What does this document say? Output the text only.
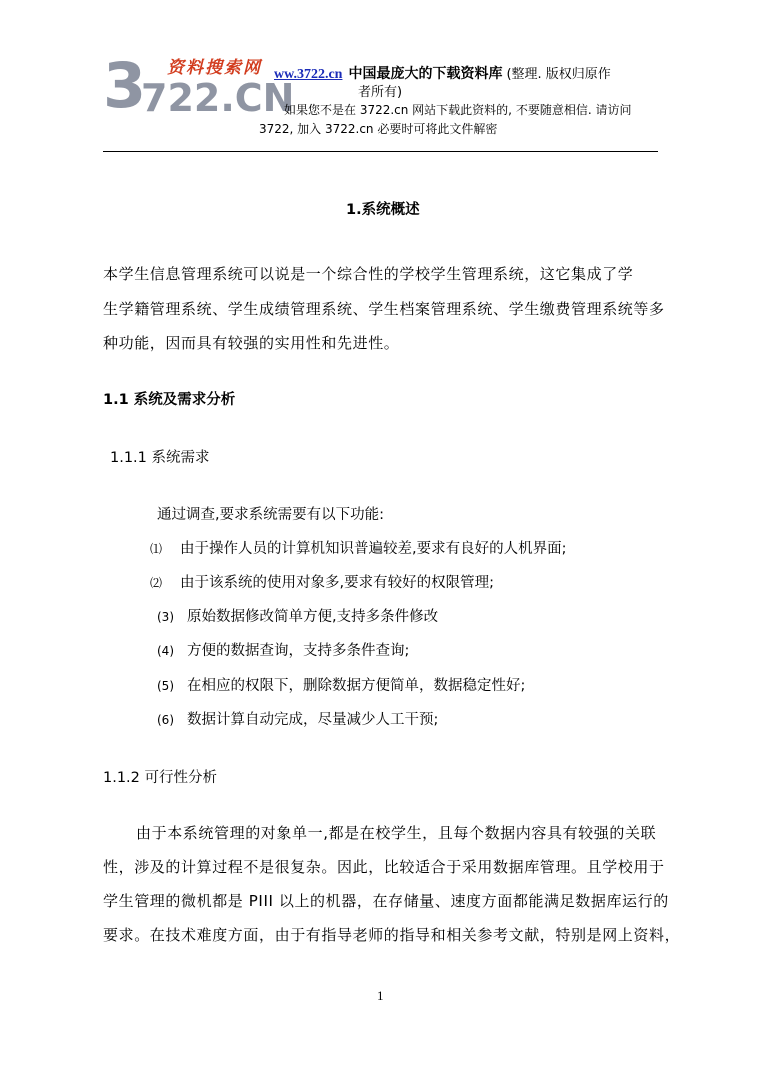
资料搜索网
3
722.CN
ww.3722.cn 中国最庞大的下载资料库 (整理. 版权归原作
者所有)
如果您不是在 3722.cn 网站下载此资料的, 不要随意相信. 请访问
3722, 加入 3722.cn 必要时可将此文件解密
1.系统概述
本学生信息管理系统可以说是一个综合性的学校学生管理系统，这它集成了学
生学籍管理系统、学生成绩管理系统、学生档案管理系统、学生缴费管理系统等多
种功能，因而具有较强的实用性和先进性。
1.1 系统及需求分析
1.1.1 系统需求
通过调查,要求系统需要有以下功能:
⑴ 由于操作人员的计算机知识普遍较差,要求有良好的人机界面;
⑵ 由于该系统的使用对象多,要求有较好的权限管理;
(3) 原始数据修改简单方便,支持多条件修改
(4) 方便的数据查询，支持多条件查询;
(5) 在相应的权限下，删除数据方便简单，数据稳定性好;
(6) 数据计算自动完成，尽量减少人工干预;
1.1.2 可行性分析
由于本系统管理的对象单一,都是在校学生，且每个数据内容具有较强的关联
性，涉及的计算过程不是很复杂。因此，比较适合于采用数据库管理。且学校用于
学生管理的微机都是 PIII 以上的机器，在存储量、速度方面都能满足数据库运行的
要求。在技术难度方面，由于有指导老师的指导和相关参考文献，特别是网上资料，
1
